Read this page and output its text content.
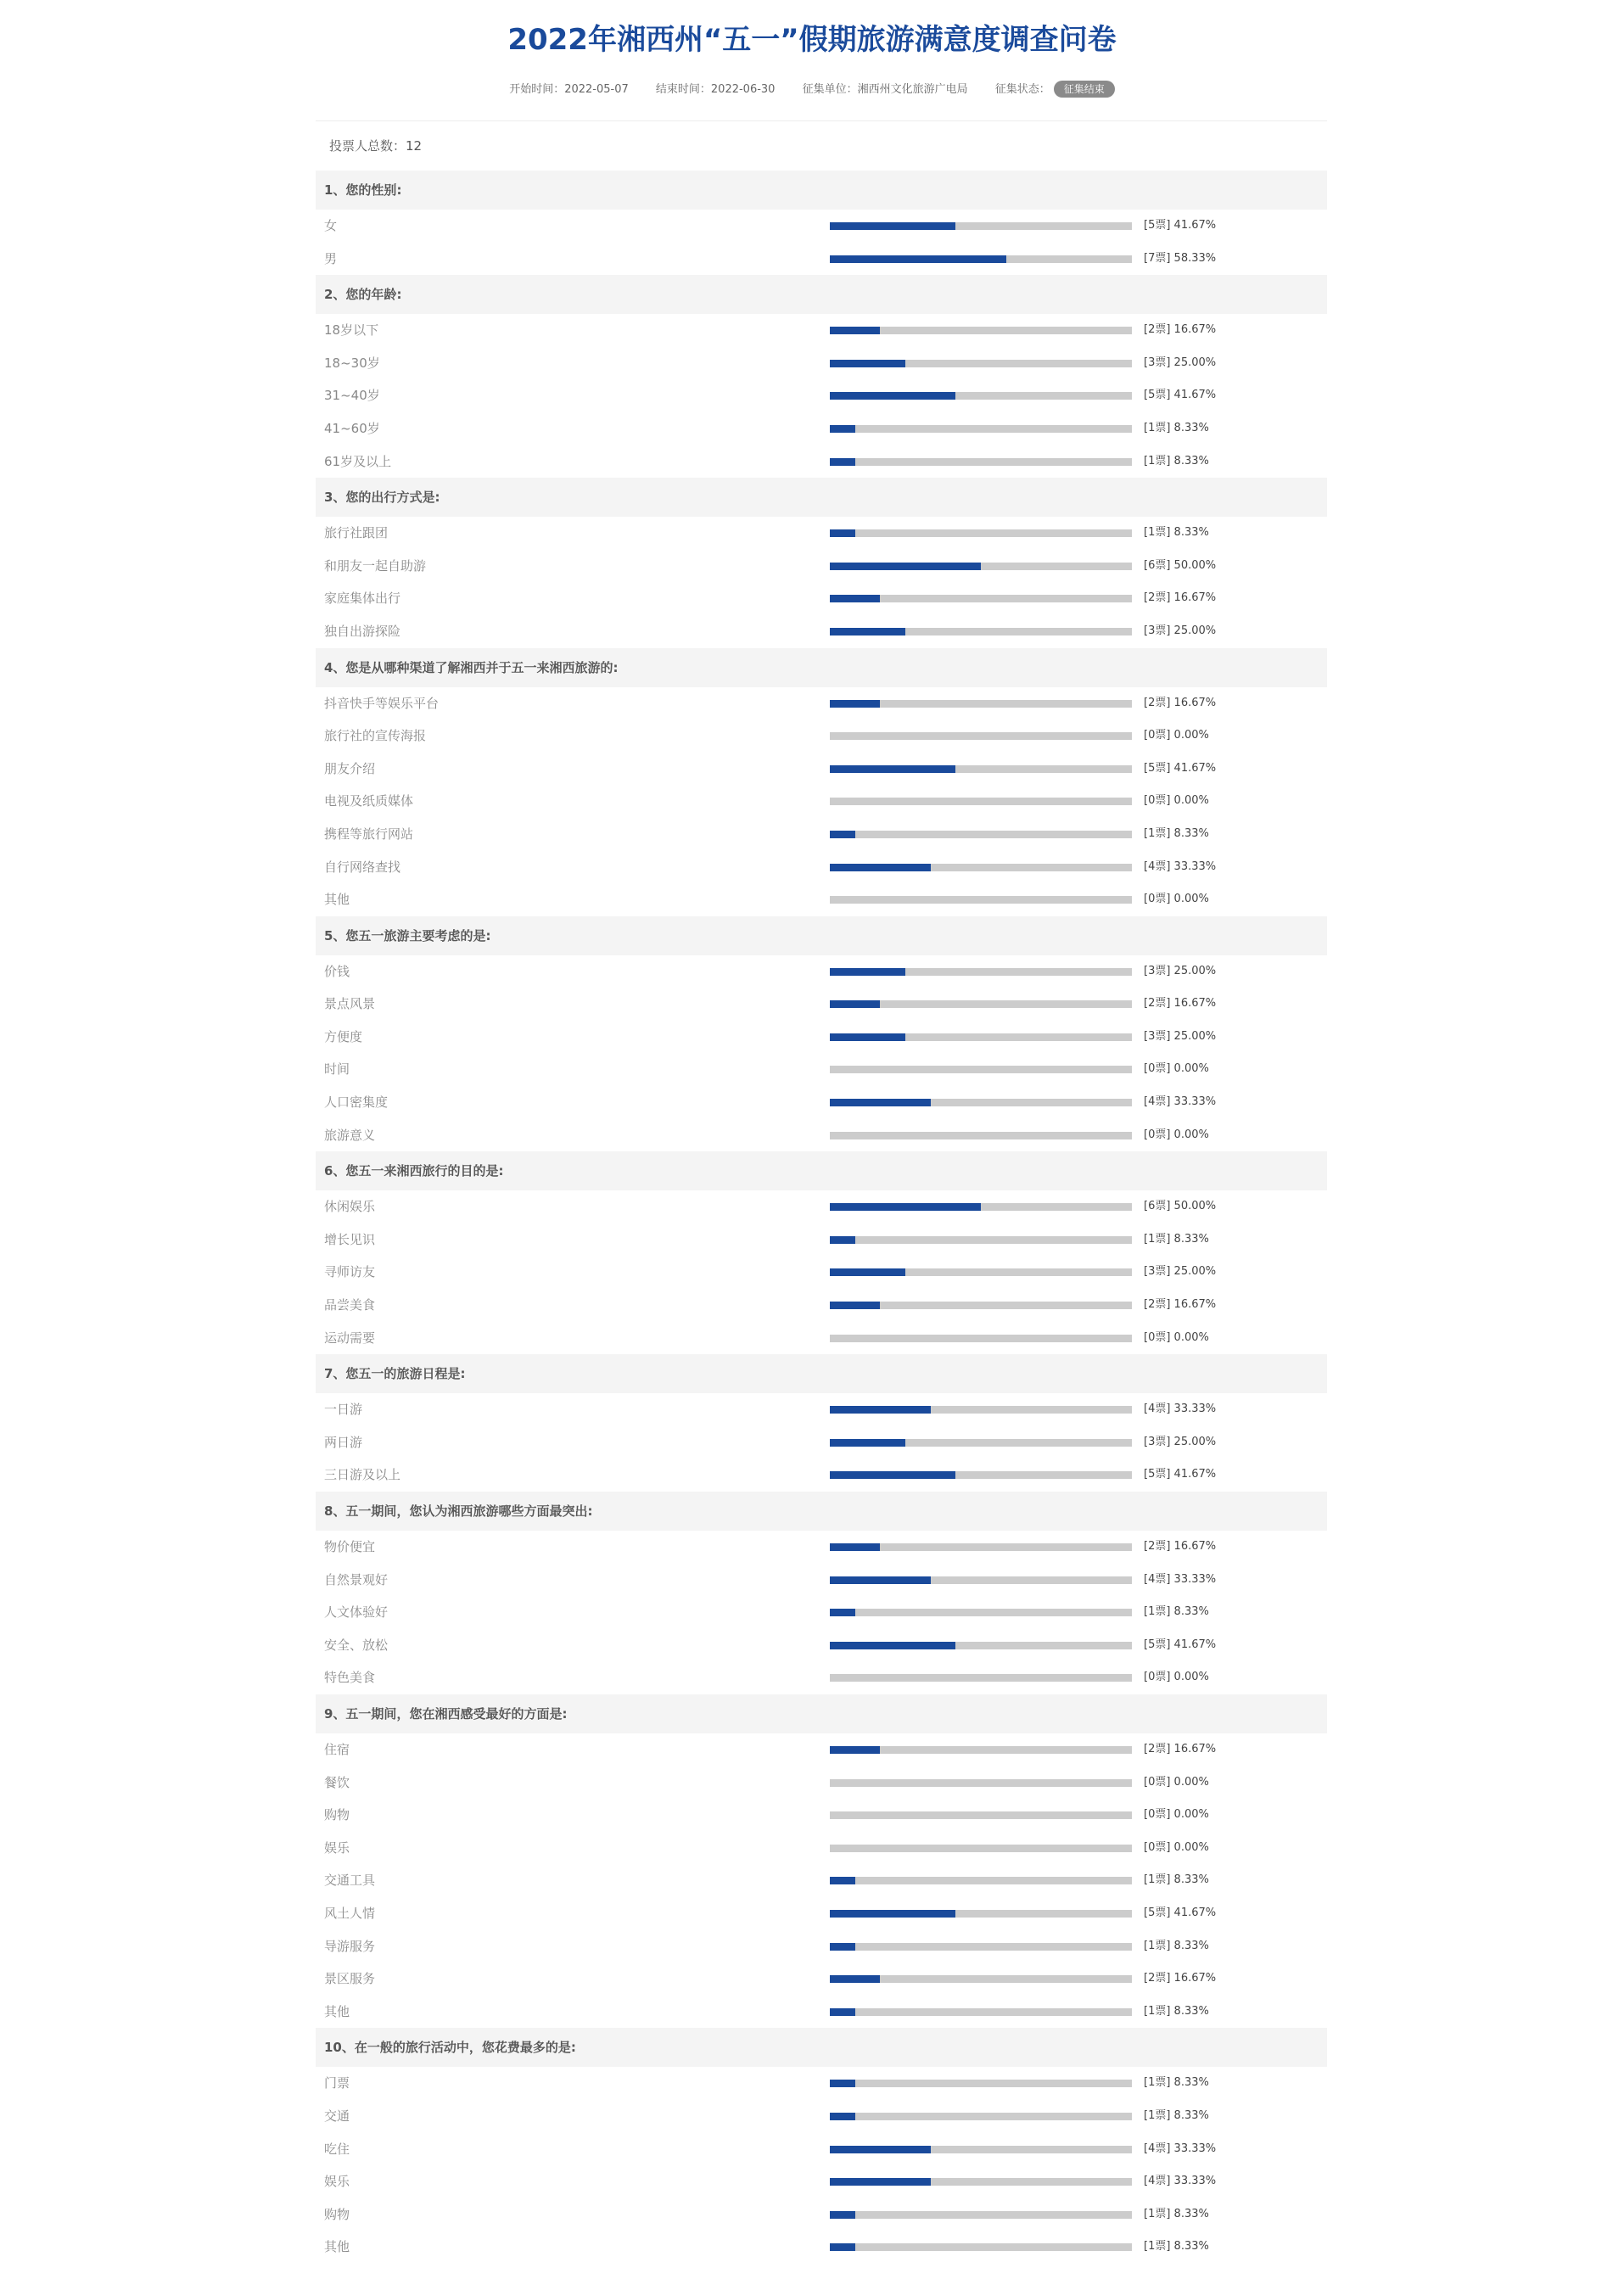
2022年湘西州“五一”假期旅游满意度调查问卷
开始时间：2022-05-07 结束时间：2022-06-30 征集单位：湘西州文化旅游广电局 征集状态： 征集结束
投票人总数：12
1、您的性别:
女	[5票] 41.67%
男	[7票] 58.33%
2、您的年龄:
18岁以下	[2票] 16.67%
18~30岁	[3票] 25.00%
31~40岁	[5票] 41.67%
41~60岁	[1票] 8.33%
61岁及以上	[1票] 8.33%
3、您的出行方式是:
旅行社跟团	[1票] 8.33%
和朋友一起自助游	[6票] 50.00%
家庭集体出行	[2票] 16.67%
独自出游探险	[3票] 25.00%
4、您是从哪种渠道了解湘西并于五一来湘西旅游的:
抖音快手等娱乐平台	[2票] 16.67%
旅行社的宣传海报	[0票] 0.00%
朋友介绍	[5票] 41.67%
电视及纸质媒体	[0票] 0.00%
携程等旅行网站	[1票] 8.33%
自行网络查找	[4票] 33.33%
其他	[0票] 0.00%
5、您五一旅游主要考虑的是:
价钱	[3票] 25.00%
景点风景	[2票] 16.67%
方便度	[3票] 25.00%
时间	[0票] 0.00%
人口密集度	[4票] 33.33%
旅游意义	[0票] 0.00%
6、您五一来湘西旅行的目的是:
休闲娱乐	[6票] 50.00%
增长见识	[1票] 8.33%
寻师访友	[3票] 25.00%
品尝美食	[2票] 16.67%
运动需要	[0票] 0.00%
7、您五一的旅游日程是:
一日游	[4票] 33.33%
两日游	[3票] 25.00%
三日游及以上	[5票] 41.67%
8、五一期间，您认为湘西旅游哪些方面最突出:
物价便宜	[2票] 16.67%
自然景观好	[4票] 33.33%
人文体验好	[1票] 8.33%
安全、放松	[5票] 41.67%
特色美食	[0票] 0.00%
9、五一期间，您在湘西感受最好的方面是:
住宿	[2票] 16.67%
餐饮	[0票] 0.00%
购物	[0票] 0.00%
娱乐	[0票] 0.00%
交通工具	[1票] 8.33%
风土人情	[5票] 41.67%
导游服务	[1票] 8.33%
景区服务	[2票] 16.67%
其他	[1票] 8.33%
10、在一般的旅行活动中，您花费最多的是:
门票	[1票] 8.33%
交通	[1票] 8.33%
吃住	[4票] 33.33%
娱乐	[4票] 33.33%
购物	[1票] 8.33%
其他	[1票] 8.33%
